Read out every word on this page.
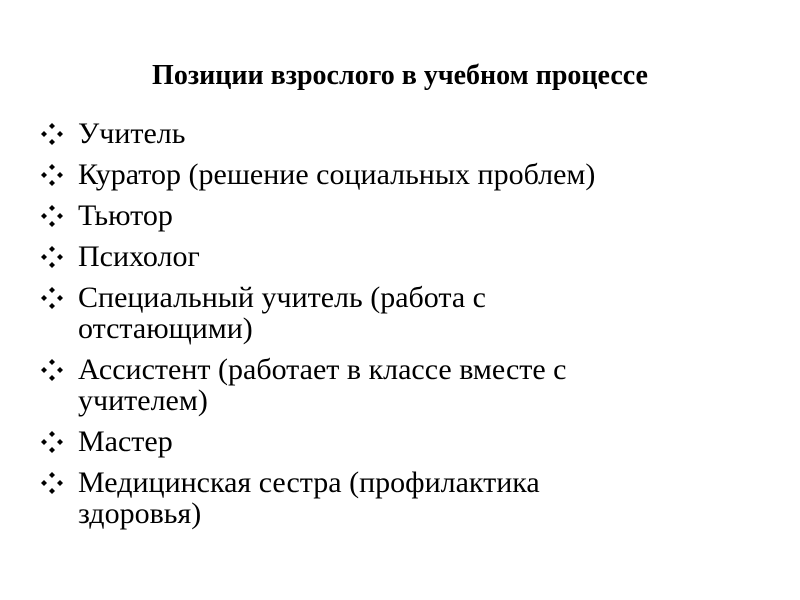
Позиции взрослого в учебном процессе
Учитель
Куратор (решение социальных проблем)
Тьютор
Психолог
Специальный учитель (работа с отстающими)
Ассистент (работает в классе вместе с учителем)
Мастер
Медицинская сестра (профилактика здоровья)
